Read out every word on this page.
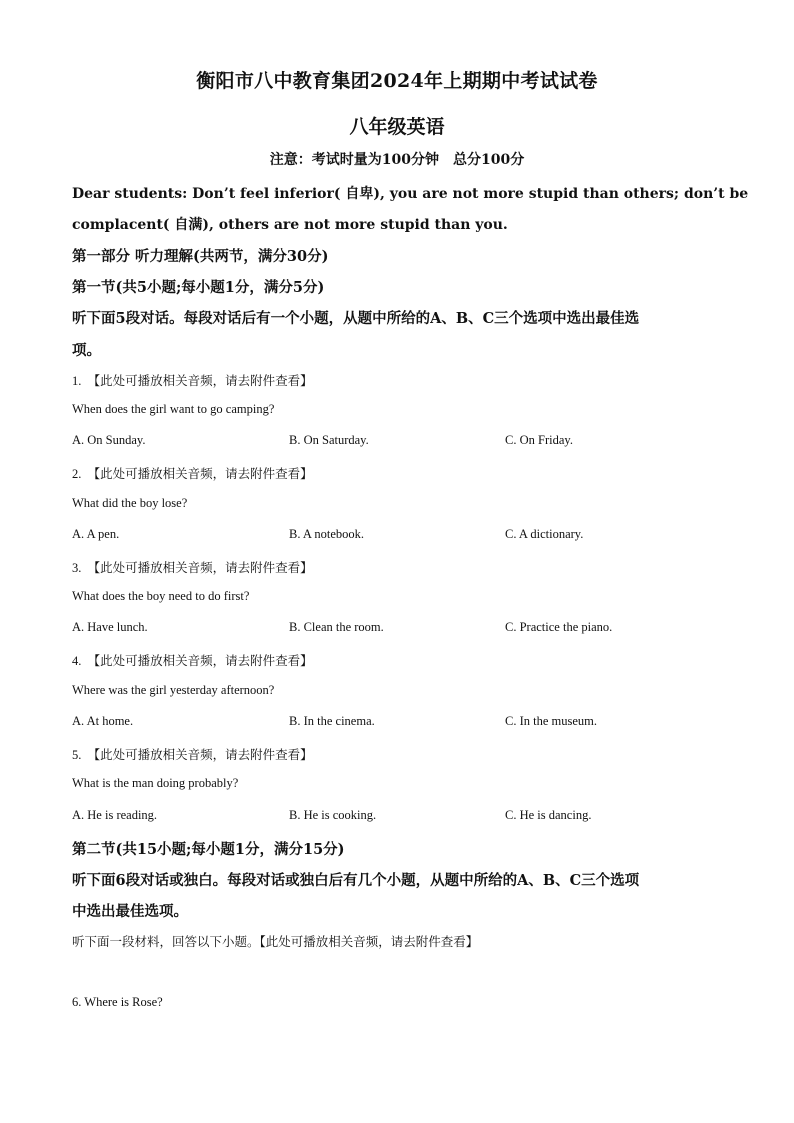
衡阳市八中教育集团2024年上期期中考试试卷
八年级英语
注意：考试时量为100分钟　总分100分
Dear students: Don’t feel inferior( 自卑), you are not more stupid than others; don’t be
complacent( 自满), others are not more stupid than you.
第一部分 听力理解(共两节，满分30分)
第一节(共5小题;每小题1分，满分5分)
听下面5段对话。每段对话后有一个小题，从题中所给的A、B、C三个选项中选出最佳选
项。
1.　【此处可播放相关音频，请去附件查看】
When does the girl want to go camping?
A. On Sunday.	B. On Saturday.	C. On Friday.
2.　【此处可播放相关音频，请去附件查看】
What did the boy lose?
A. A pen.	B. A notebook.	C. A dictionary.
3.　【此处可播放相关音频，请去附件查看】
What does the boy need to do first?
A. Have lunch.	B. Clean the room.	C. Practice the piano.
4.　【此处可播放相关音频，请去附件查看】
Where was the girl yesterday afternoon?
A. At home.	B. In the cinema.	C. In the museum.
5.　【此处可播放相关音频，请去附件查看】
What is the man doing probably?
A. He is reading.	B. He is cooking.	C. He is dancing.
第二节(共15小题;每小题1分，满分15分)
听下面6段对话或独白。每段对话或独白后有几个小题，从题中所给的A、B、C三个选项
中选出最佳选项。
听下面一段材料，回答以下小题。【此处可播放相关音频，请去附件查看】
6. Where is Rose?
